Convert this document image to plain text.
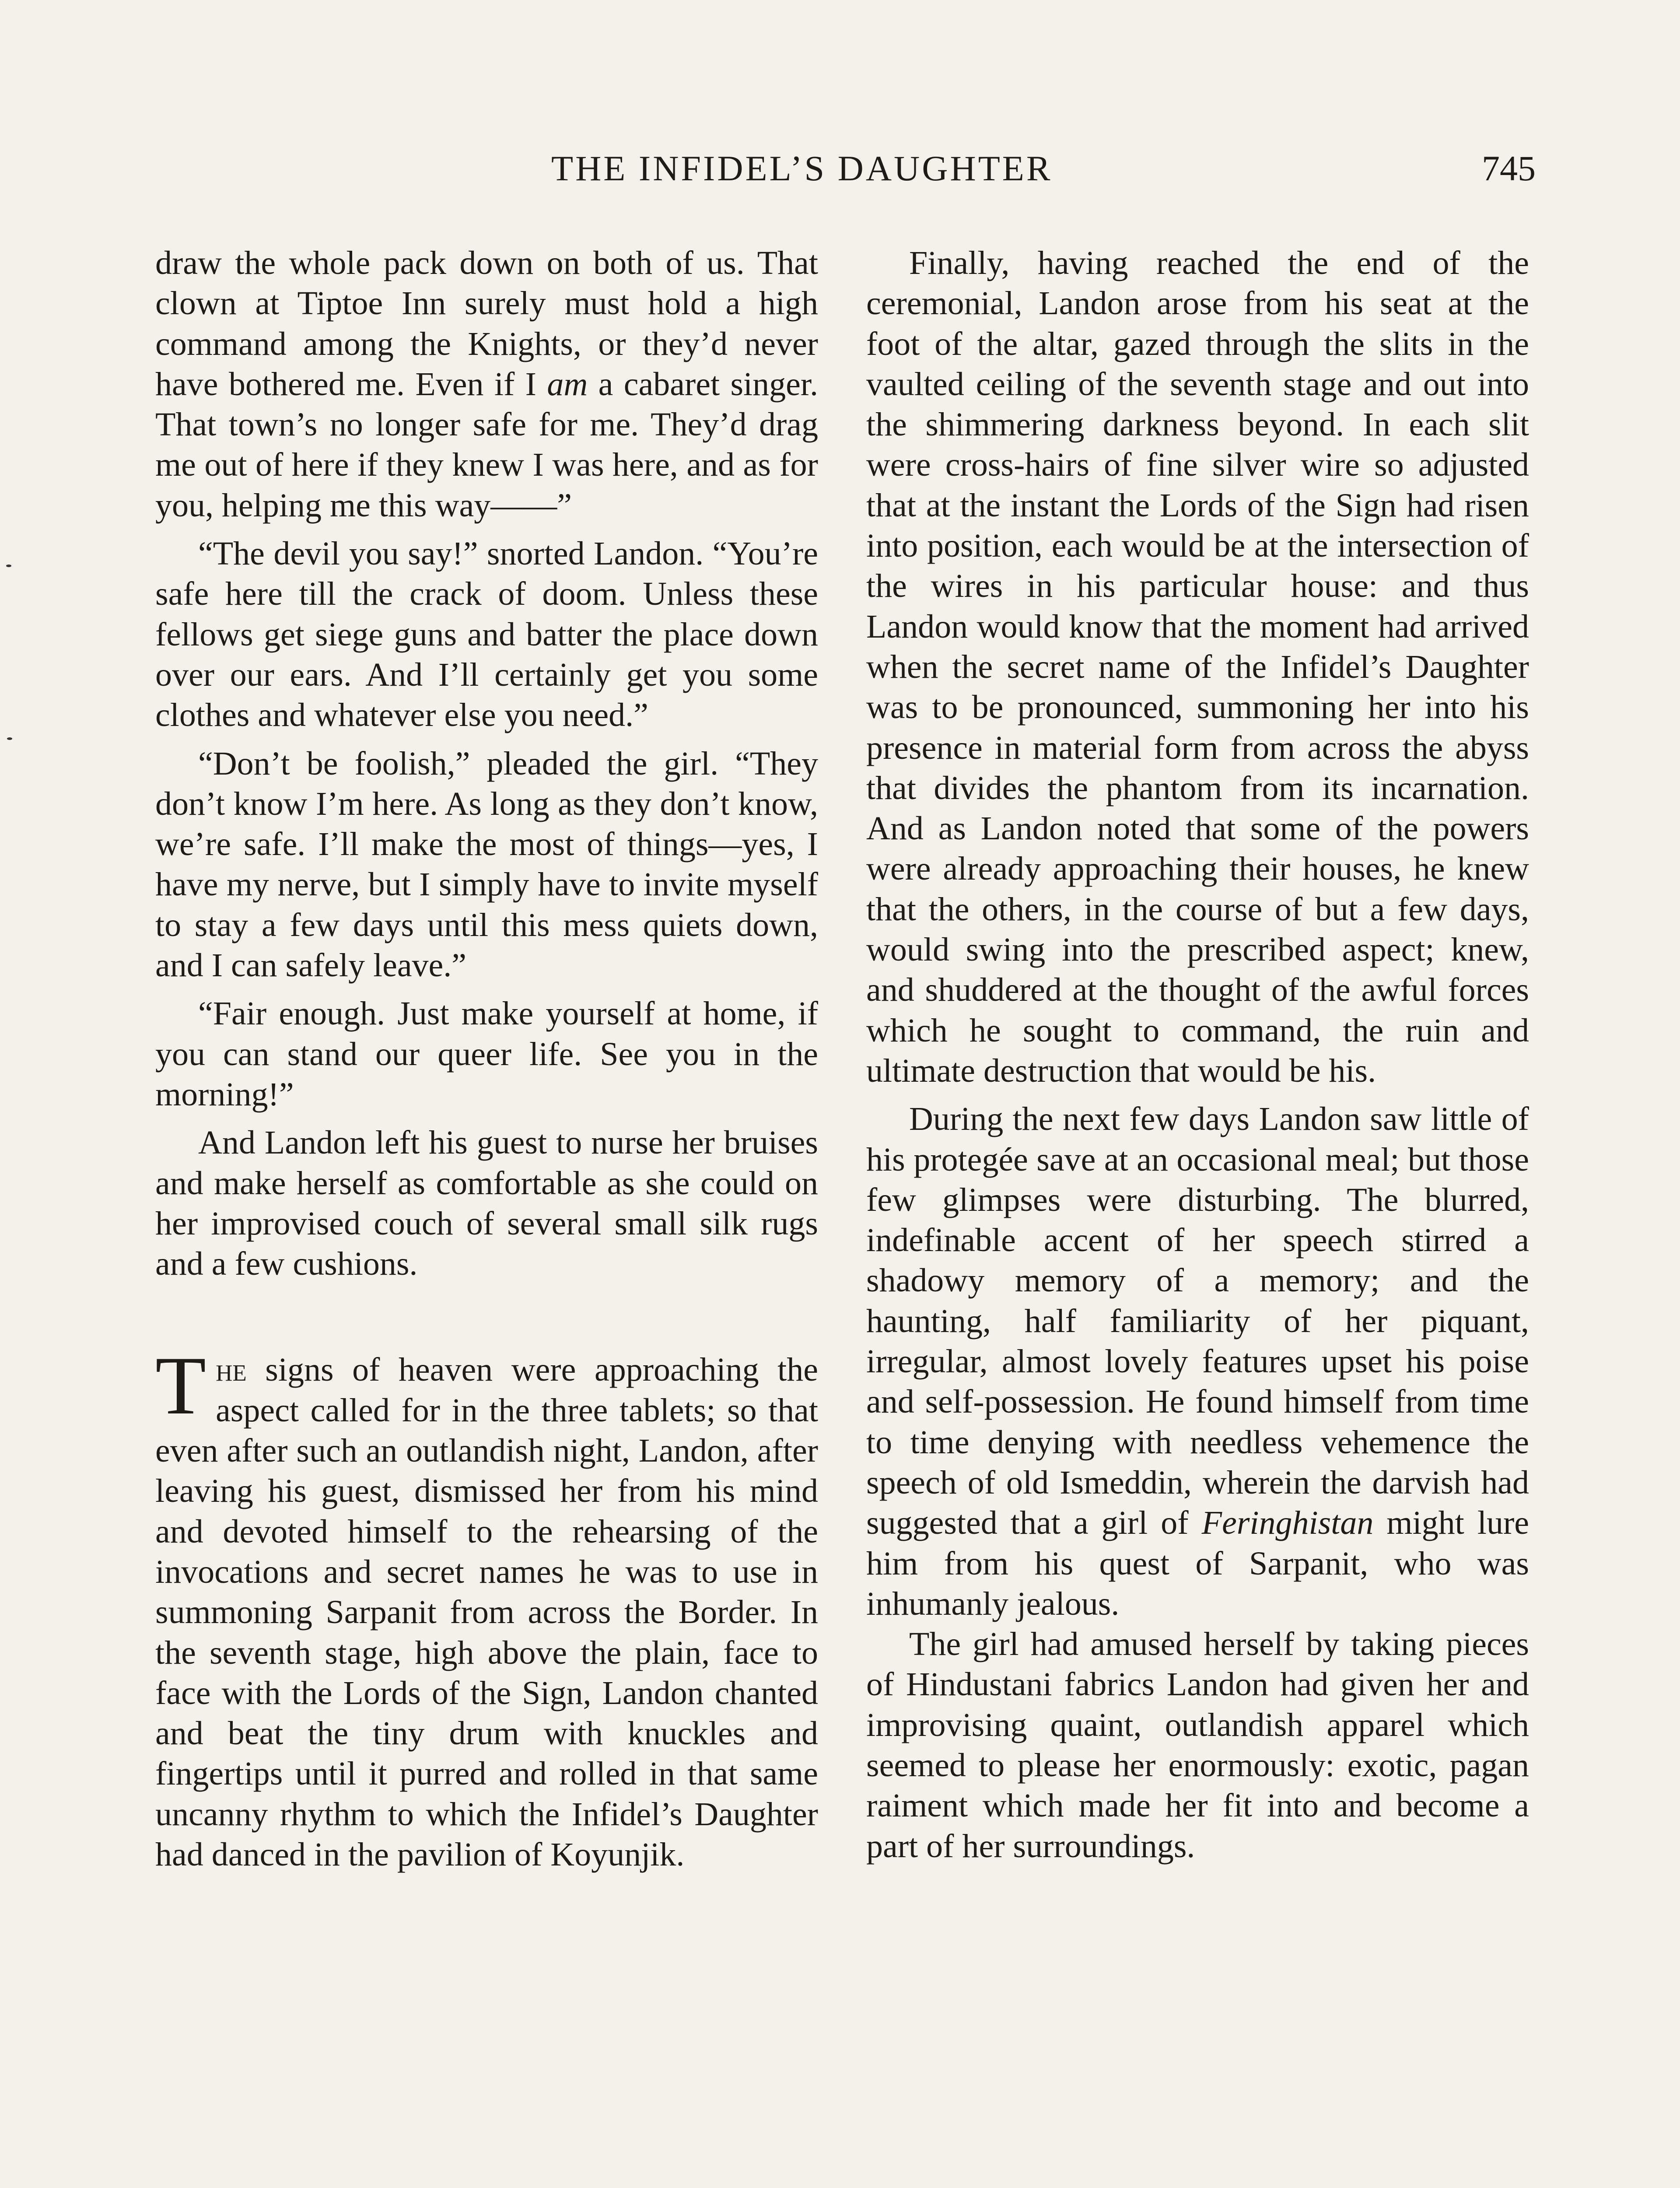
THE INFIDEL’S DAUGHTER	745

draw the whole pack down on both of us. That clown at Tiptoe Inn surely must hold a high command among the Knights, or they’d never have bothered me. Even if I am a cabaret singer. That town’s no longer safe for me. They’d drag me out of here if they knew I was here, and as for you, helping me this way——”

“The devil you say!” snorted Landon. “You’re safe here till the crack of doom. Unless these fellows get siege guns and batter the place down over our ears. And I’ll certainly get you some clothes and whatever else you need.”

“Don’t be foolish,” pleaded the girl. “They don’t know I’m here. As long as they don’t know, we’re safe. I’ll make the most of things—yes, I have my nerve, but I simply have to invite myself to stay a few days until this mess quiets down, and I can safely leave.”

“Fair enough. Just make yourself at home, if you can stand our queer life. See you in the morning!”

And Landon left his guest to nurse her bruises and make herself as comfortable as she could on her improvised couch of several small silk rugs and a few cushions.

The signs of heaven were approaching the aspect called for in the three tablets; so that even after such an outlandish night, Landon, after leaving his guest, dismissed her from his mind and devoted himself to the rehearsing of the invocations and secret names he was to use in summoning Sarpanit from across the Border. In the seventh stage, high above the plain, face to face with the Lords of the Sign, Landon chanted and beat the tiny drum with knuckles and fingertips until it purred and rolled in that same uncanny rhythm to which the Infidel’s Daughter had danced in the pavilion of Koyunjik.

Finally, having reached the end of the ceremonial, Landon arose from his seat at the foot of the altar, gazed through the slits in the vaulted ceiling of the seventh stage and out into the shimmering darkness beyond. In each slit were cross-hairs of fine silver wire so adjusted that at the instant the Lords of the Sign had risen into position, each would be at the intersection of the wires in his particular house: and thus Landon would know that the moment had arrived when the secret name of the Infidel’s Daughter was to be pronounced, summoning her into his presence in material form from across the abyss that divides the phantom from its incarnation. And as Landon noted that some of the powers were already approaching their houses, he knew that the others, in the course of but a few days, would swing into the prescribed aspect; knew, and shuddered at the thought of the awful forces which he sought to command, the ruin and ultimate destruction that would be his.

During the next few days Landon saw little of his protegée save at an occasional meal; but those few glimpses were disturbing. The blurred, indefinable accent of her speech stirred a shadowy memory of a memory; and the haunting, half familiarity of her piquant, irregular, almost lovely features upset his poise and self-possession. He found himself from time to time denying with needless vehemence the speech of old Ismeddin, wherein the darvish had suggested that a girl of Feringhistan might lure him from his quest of Sarpanit, who was inhumanly jealous.

The girl had amused herself by taking pieces of Hindustani fabrics Landon had given her and improvising quaint, outlandish apparel which seemed to please her enormously: exotic, pagan raiment which made her fit into and become a part of her surroundings.
